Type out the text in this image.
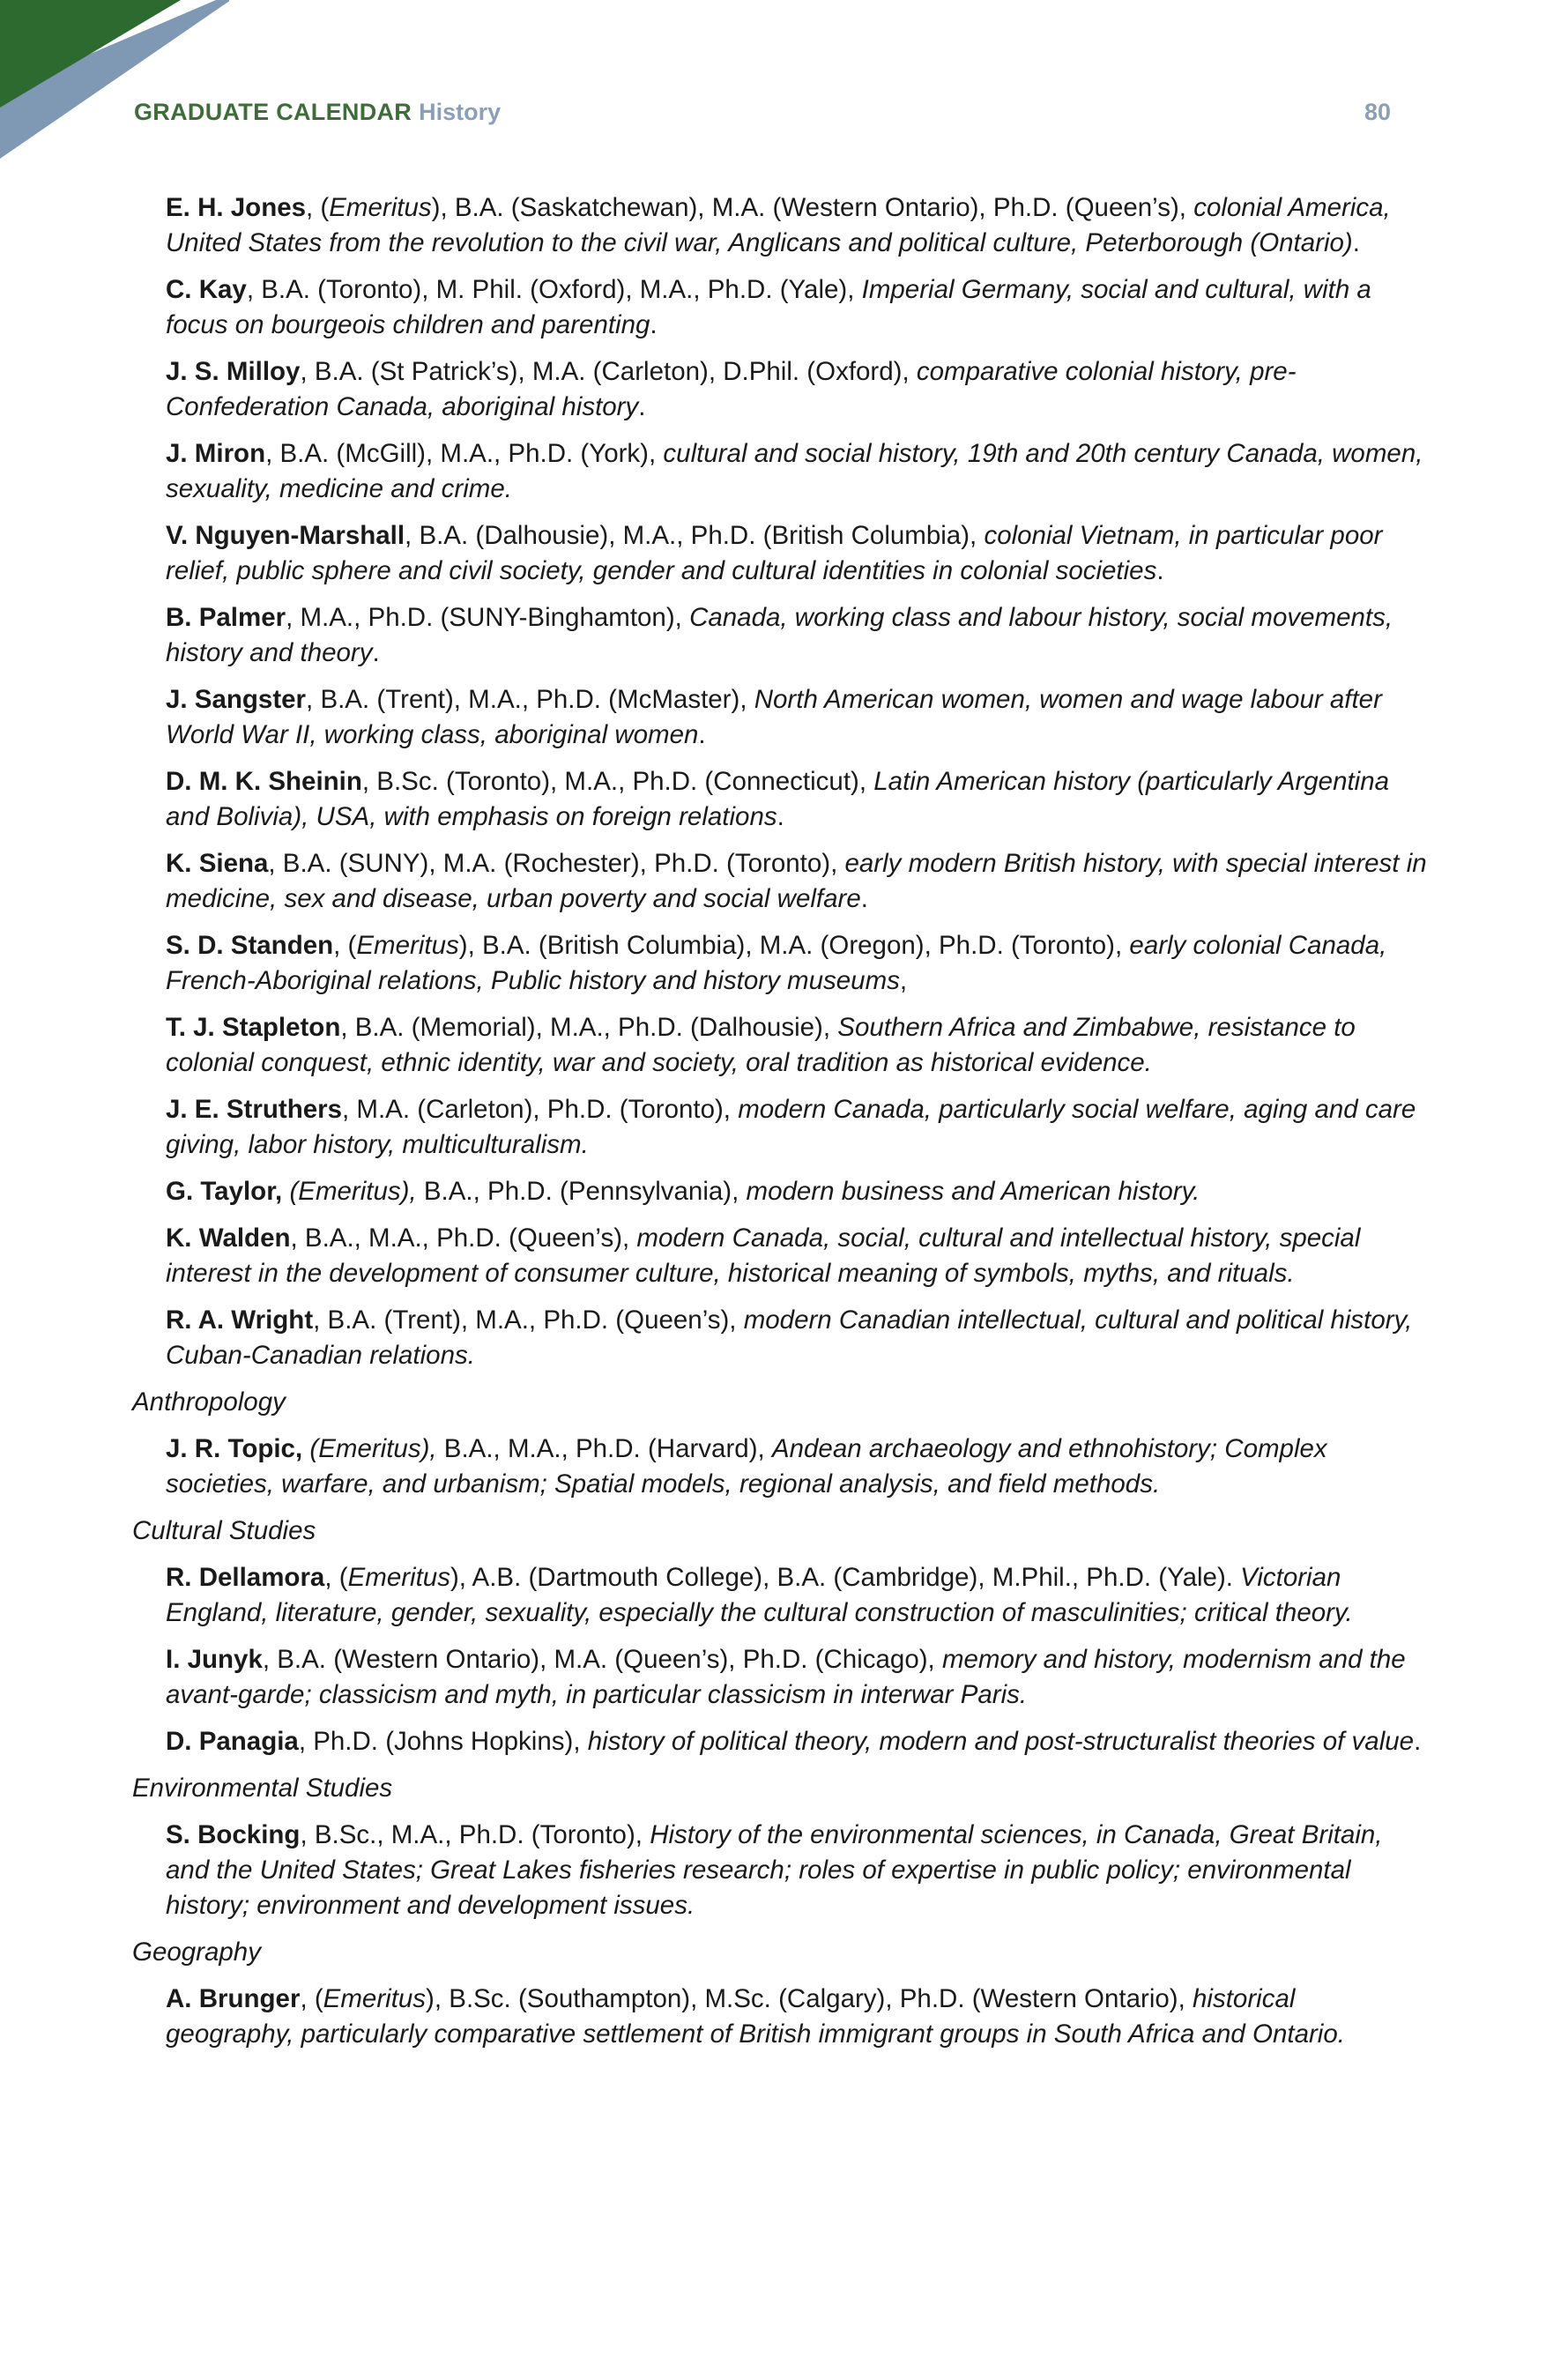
GRADUATE CALENDAR History	80
E. H. Jones, (Emeritus), B.A. (Saskatchewan), M.A. (Western Ontario), Ph.D. (Queen’s), colonial America, United States from the revolution to the civil war, Anglicans and political culture, Peterborough (Ontario).
C. Kay, B.A. (Toronto), M. Phil. (Oxford), M.A., Ph.D. (Yale), Imperial Germany, social and cultural, with a focus on bourgeois children and parenting.
J. S. Milloy, B.A. (St Patrick’s), M.A. (Carleton), D.Phil. (Oxford), comparative colonial history, pre-Confederation Canada, aboriginal history.
J. Miron, B.A. (McGill), M.A., Ph.D. (York), cultural and social history, 19th and 20th century Canada, women, sexuality, medicine and crime.
V. Nguyen-Marshall, B.A. (Dalhousie), M.A., Ph.D. (British Columbia), colonial Vietnam, in particular poor relief, public sphere and civil society, gender and cultural identities in colonial societies.
B. Palmer, M.A., Ph.D. (SUNY-Binghamton), Canada, working class and labour history, social movements, history and theory.
J. Sangster, B.A. (Trent), M.A., Ph.D. (McMaster), North American women, women and wage labour after World War II, working class, aboriginal women.
D. M. K. Sheinin, B.Sc. (Toronto), M.A., Ph.D. (Connecticut), Latin American history (particularly Argentina and Bolivia), USA, with emphasis on foreign relations.
K. Siena, B.A. (SUNY), M.A. (Rochester), Ph.D. (Toronto), early modern British history, with special interest in medicine, sex and disease, urban poverty and social welfare.
S. D. Standen, (Emeritus), B.A. (British Columbia), M.A. (Oregon), Ph.D. (Toronto), early colonial Canada, French-Aboriginal relations, Public history and history museums,
T. J. Stapleton, B.A. (Memorial), M.A., Ph.D. (Dalhousie), Southern Africa and Zimbabwe, resistance to colonial conquest, ethnic identity, war and society, oral tradition as historical evidence.
J. E. Struthers, M.A. (Carleton), Ph.D. (Toronto), modern Canada, particularly social welfare, aging and care giving, labor history, multiculturalism.
G. Taylor, (Emeritus), B.A., Ph.D. (Pennsylvania), modern business and American history.
K. Walden, B.A., M.A., Ph.D. (Queen’s), modern Canada, social, cultural and intellectual history, special interest in the development of consumer culture, historical meaning of symbols, myths, and rituals.
R. A. Wright, B.A. (Trent), M.A., Ph.D. (Queen’s), modern Canadian intellectual, cultural and political history, Cuban-Canadian relations.
Anthropology
J. R. Topic, (Emeritus), B.A., M.A., Ph.D. (Harvard), Andean archaeology and ethnohistory; Complex societies, warfare, and urbanism; Spatial models, regional analysis, and field methods.
Cultural Studies
R. Dellamora, (Emeritus), A.B. (Dartmouth College), B.A. (Cambridge), M.Phil., Ph.D. (Yale). Victorian England, literature, gender, sexuality, especially the cultural construction of masculinities; critical theory.
I. Junyk, B.A. (Western Ontario), M.A. (Queen’s), Ph.D. (Chicago), memory and history, modernism and the avant-garde; classicism and myth, in particular classicism in interwar Paris.
D. Panagia, Ph.D. (Johns Hopkins), history of political theory, modern and post-structuralist theories of value.
Environmental Studies
S. Bocking, B.Sc., M.A., Ph.D. (Toronto), History of the environmental sciences, in Canada, Great Britain, and the United States; Great Lakes fisheries research; roles of expertise in public policy; environmental history; environment and development issues.
Geography
A. Brunger, (Emeritus), B.Sc. (Southampton), M.Sc. (Calgary), Ph.D. (Western Ontario), historical geography, particularly comparative settlement of British immigrant groups in South Africa and Ontario.
